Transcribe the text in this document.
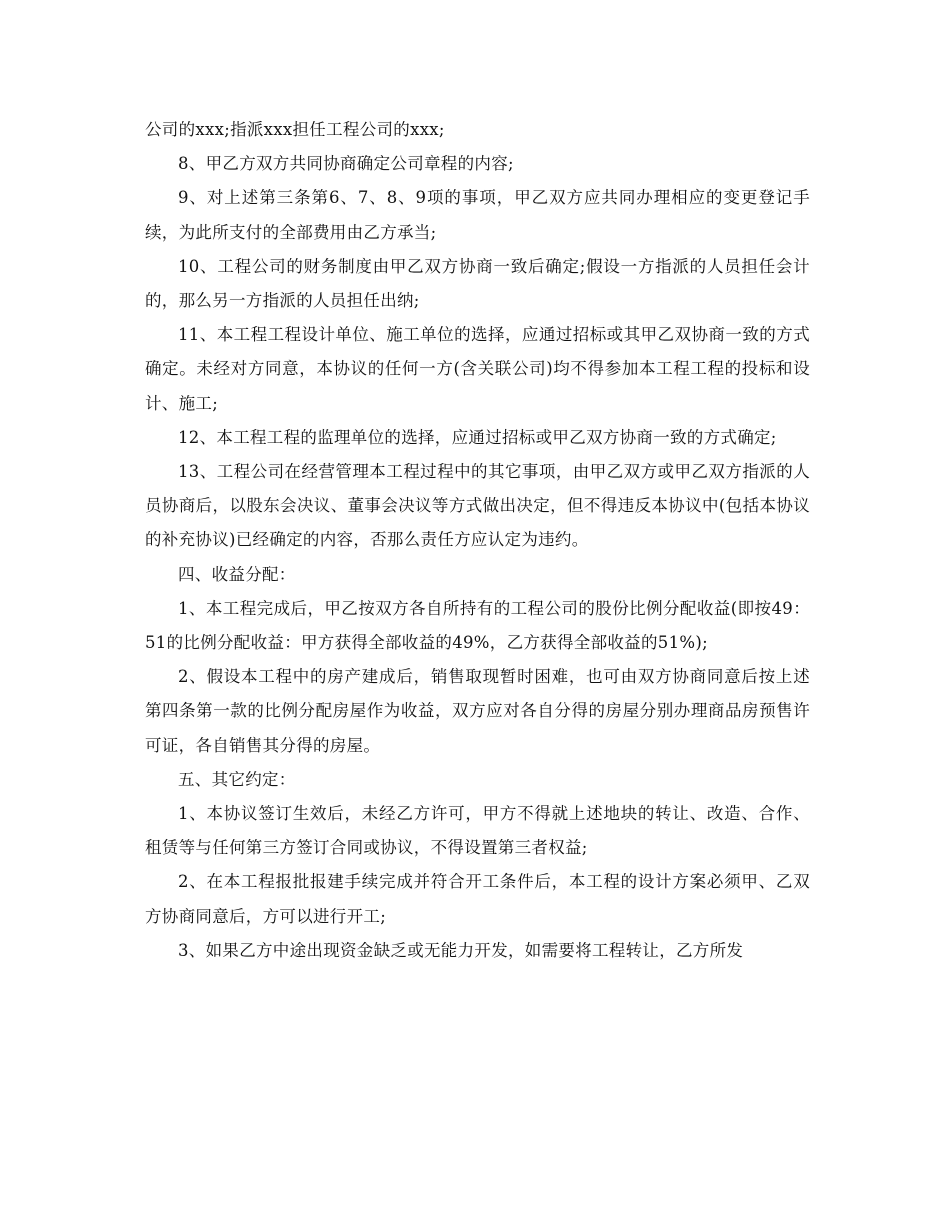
公司的xxx;指派xxx担任工程公司的xxx;

8、甲乙方双方共同协商确定公司章程的内容;

9、对上述第三条第6、7、8、9项的事项，甲乙双方应共同办理相应的变更登记手续，为此所支付的全部费用由乙方承当;

10、工程公司的财务制度由甲乙双方协商一致后确定;假设一方指派的人员担任会计的，那么另一方指派的人员担任出纳;

11、本工程工程设计单位、施工单位的选择，应通过招标或其甲乙双协商一致的方式确定。未经对方同意，本协议的任何一方(含关联公司)均不得参加本工程工程的投标和设计、施工;

12、本工程工程的监理单位的选择，应通过招标或甲乙双方协商一致的方式确定;

13、工程公司在经营管理本工程过程中的其它事项，由甲乙双方或甲乙双方指派的人员协商后，以股东会决议、董事会决议等方式做出决定，但不得违反本协议中(包括本协议的补充协议)已经确定的内容，否那么责任方应认定为违约。

四、收益分配：

1、本工程完成后，甲乙按双方各自所持有的工程公司的股份比例分配收益(即按49：51的比例分配收益：甲方获得全部收益的49%，乙方获得全部收益的51%);

2、假设本工程中的房产建成后，销售取现暂时困难，也可由双方协商同意后按上述第四条第一款的比例分配房屋作为收益，双方应对各自分得的房屋分别办理商品房预售许可证，各自销售其分得的房屋。

五、其它约定：

1、本协议签订生效后，未经乙方许可，甲方不得就上述地块的转让、改造、合作、租赁等与任何第三方签订合同或协议，不得设置第三者权益;

2、在本工程报批报建手续完成并符合开工条件后，本工程的设计方案必须甲、乙双方协商同意后，方可以进行开工;

3、如果乙方中途出现资金缺乏或无能力开发，如需要将工程转让，乙方所发
